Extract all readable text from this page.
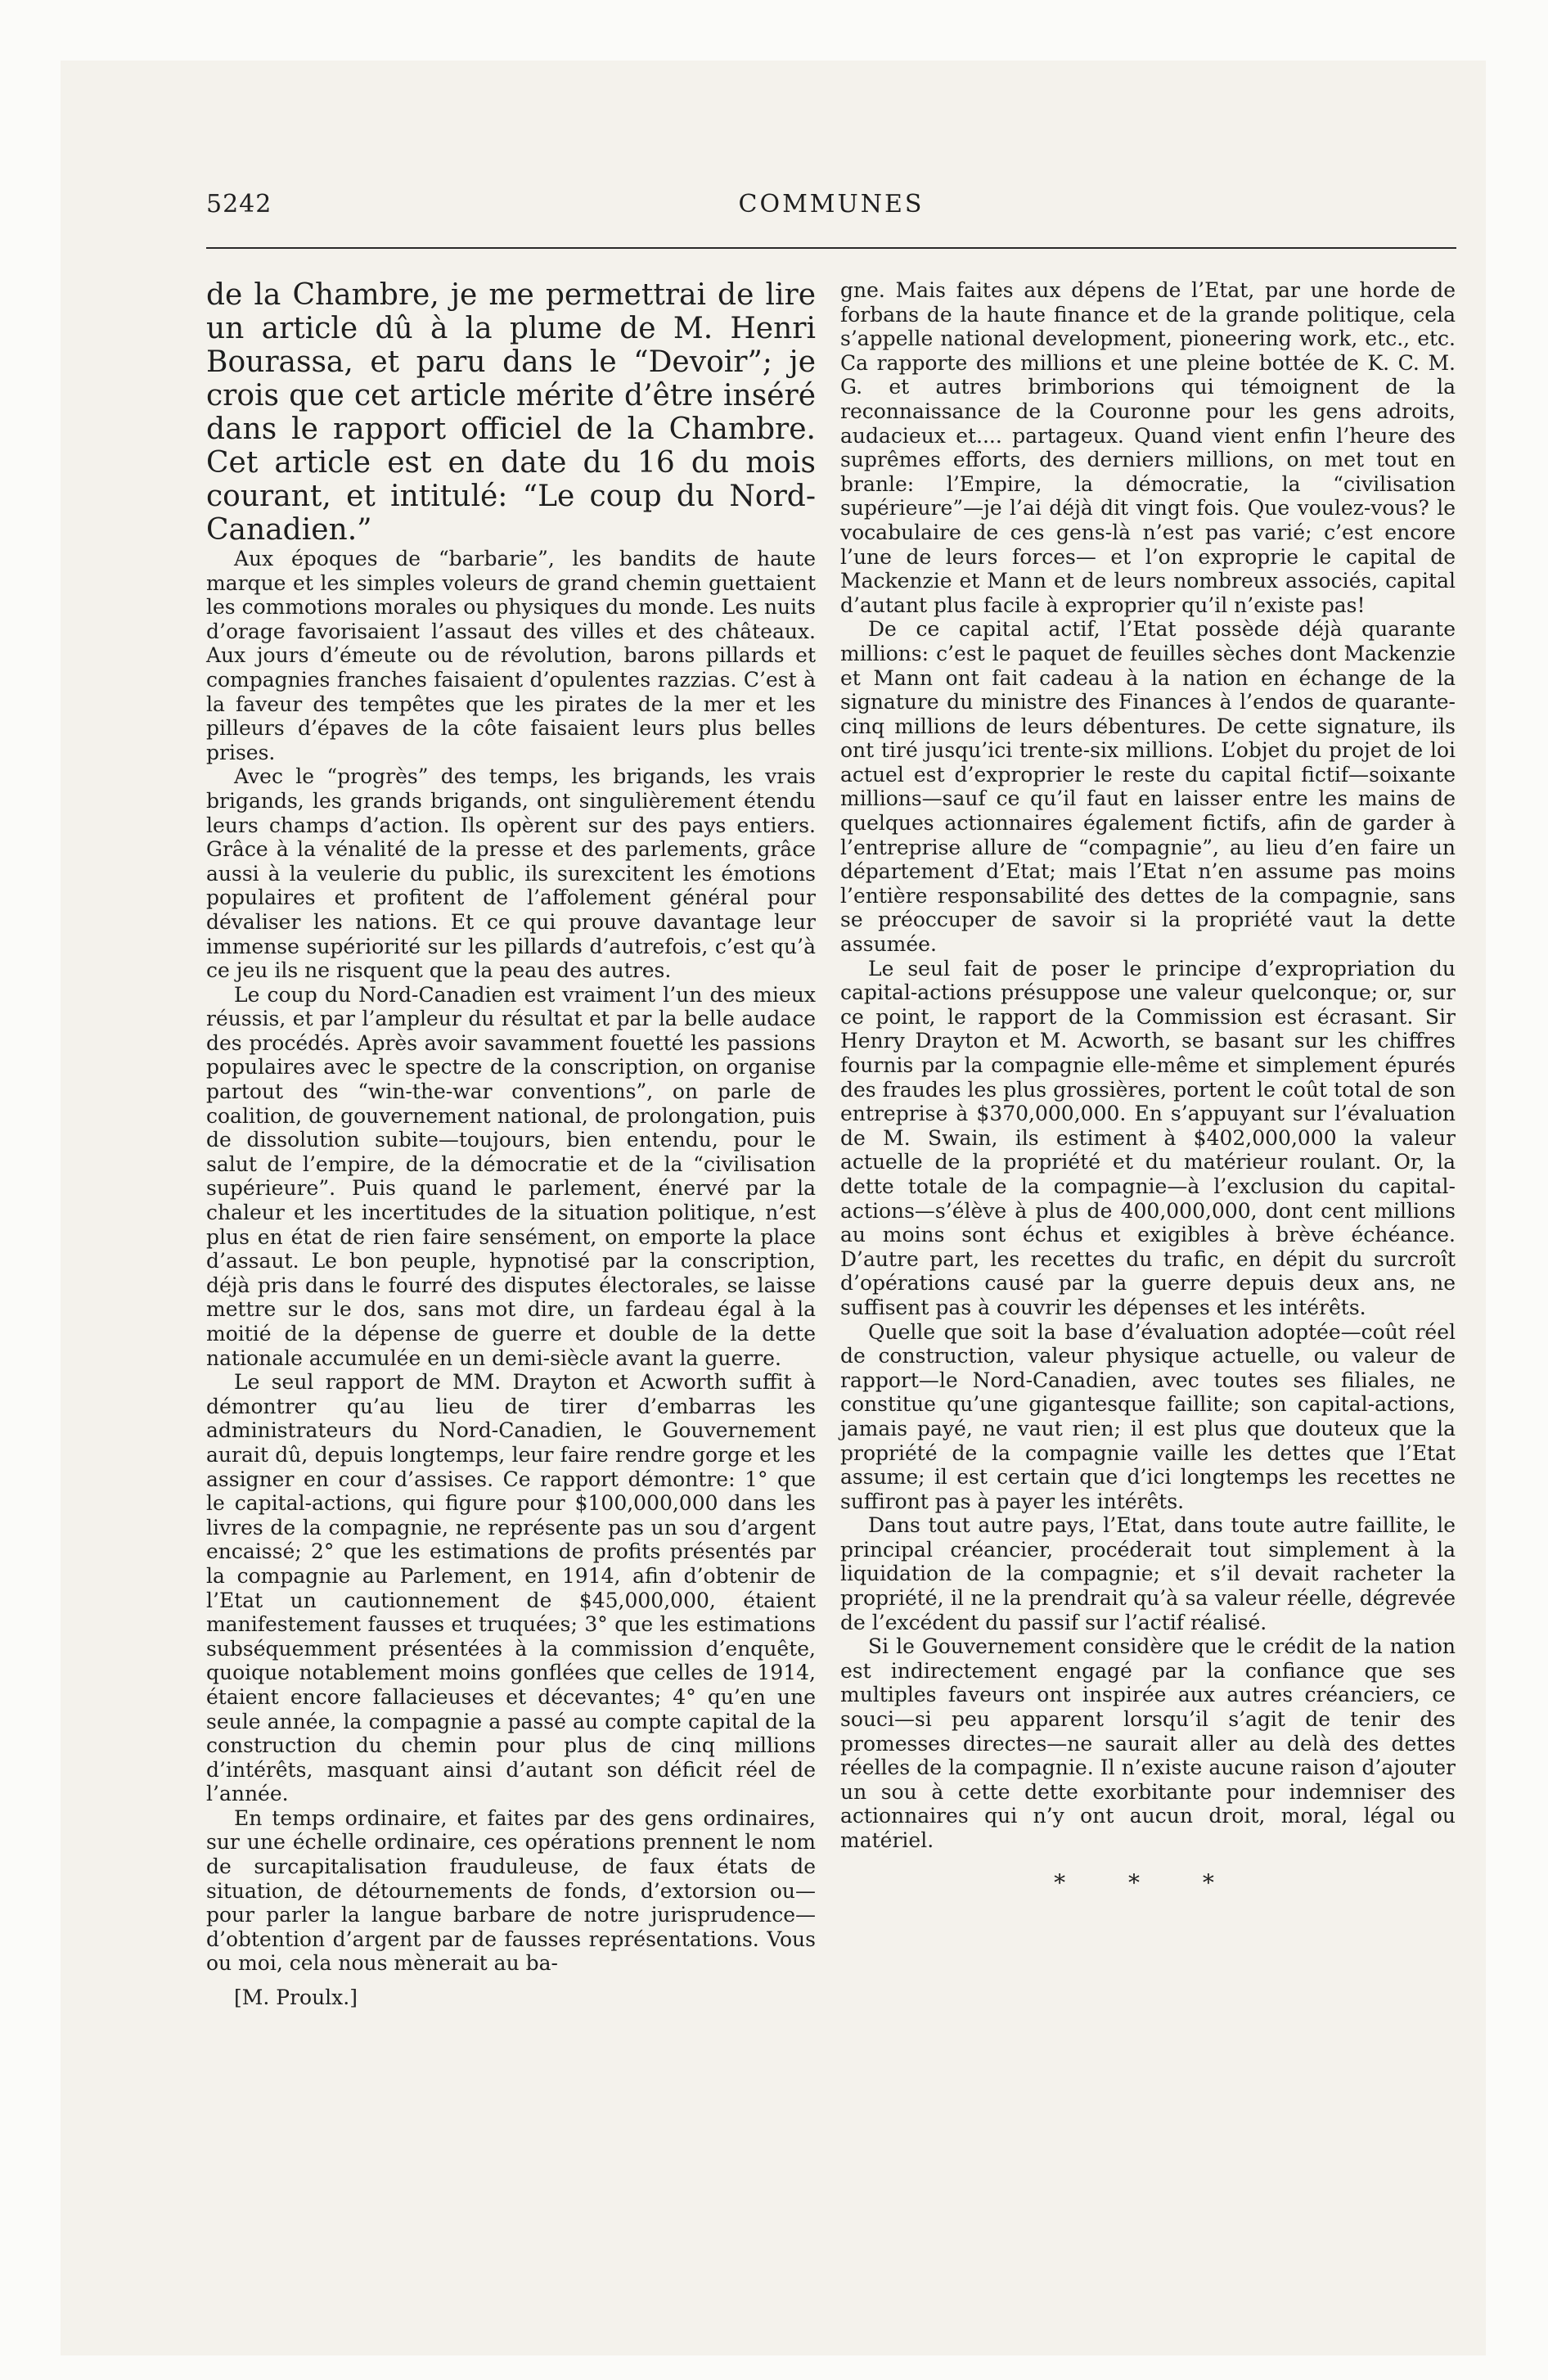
5242	COMMUNES

de la Chambre, je me permettrai de lire un article dû à la plume de M. Henri Bourassa, et paru dans le “Devoir”; je crois que cet article mérite d’être inséré dans le rapport officiel de la Chambre. Cet article est en date du 16 du mois courant, et intitulé: “Le coup du Nord-Canadien.”

Aux époques de “barbarie”, les bandits de haute marque et les simples voleurs de grand chemin guettaient les commotions morales ou physiques du monde. Les nuits d’orage favorisaient l’assaut des villes et des châteaux. Aux jours d’émeute ou de révolution, barons pillards et compagnies franches faisaient d’opulentes razzias. C’est à la faveur des tempêtes que les pirates de la mer et les pilleurs d’épaves de la côte faisaient leurs plus belles prises.

Avec le “progrès” des temps, les brigands, les vrais brigands, les grands brigands, ont singulièrement étendu leurs champs d’action. Ils opèrent sur des pays entiers. Grâce à la vénalité de la presse et des parlements, grâce aussi à la veulerie du public, ils surexcitent les émotions populaires et profitent de l’affolement général pour dévaliser les nations. Et ce qui prouve davantage leur immense supériorité sur les pillards d’autrefois, c’est qu’à ce jeu ils ne risquent que la peau des autres.

Le coup du Nord-Canadien est vraiment l’un des mieux réussis, et par l’ampleur du résultat et par la belle audace des procédés. Après avoir savamment fouetté les passions populaires avec le spectre de la conscription, on organise partout des “win-the-war conventions”, on parle de coalition, de gouvernement national, de prolongation, puis de dissolution subite—toujours, bien entendu, pour le salut de l’empire, de la démocratie et de la “civilisation supérieure”. Puis quand le parlement, énervé par la chaleur et les incertitudes de la situation politique, n’est plus en état de rien faire sensément, on emporte la place d’assaut. Le bon peuple, hypnotisé par la conscription, déjà pris dans le fourré des disputes électorales, se laisse mettre sur le dos, sans mot dire, un fardeau égal à la moitié de la dépense de guerre et double de la dette nationale accumulée en un demi-siècle avant la guerre.

Le seul rapport de MM. Drayton et Acworth suffit à démontrer qu’au lieu de tirer d’embarras les administrateurs du Nord-Canadien, le Gouvernement aurait dû, depuis longtemps, leur faire rendre gorge et les assigner en cour d’assises. Ce rapport démontre: 1° que le capital-actions, qui figure pour $100,000,000 dans les livres de la compagnie, ne représente pas un sou d’argent encaissé; 2° que les estimations de profits présentés par la compagnie au Parlement, en 1914, afin d’obtenir de l’Etat un cautionnement de $45,000,000, étaient manifestement fausses et truquées; 3° que les estimations subséquemment présentées à la commission d’enquête, quoique notablement moins gonflées que celles de 1914, étaient encore fallacieuses et décevantes; 4° qu’en une seule année, la compagnie a passé au compte capital de la construction du chemin pour plus de cinq millions d’intérêts, masquant ainsi d’autant son déficit réel de l’année.

En temps ordinaire, et faites par des gens ordinaires, sur une échelle ordinaire, ces opérations prennent le nom de surcapitalisation frauduleuse, de faux états de situation, de détournements de fonds, d’extorsion ou—pour parler la langue barbare de notre jurisprudence—d’obtention d’argent par de fausses représentations. Vous ou moi, cela nous mènerait au ba-

[M. Proulx.]

gne. Mais faites aux dépens de l’Etat, par une horde de forbans de la haute finance et de la grande politique, cela s’appelle national development, pioneering work, etc., etc. Ca rapporte des millions et une pleine bottée de K. C. M. G. et autres brimborions qui témoignent de la reconnaissance de la Couronne pour les gens adroits, audacieux et.... partageux. Quand vient enfin l’heure des suprêmes efforts, des derniers millions, on met tout en branle: l’Empire, la démocratie, la “civilisation supérieure”—je l’ai déjà dit vingt fois. Que voulez-vous? le vocabulaire de ces gens-là n’est pas varié; c’est encore l’une de leurs forces— et l’on exproprie le capital de Mackenzie et Mann et de leurs nombreux associés, capital d’autant plus facile à exproprier qu’il n’existe pas!

De ce capital actif, l’Etat possède déjà quarante millions: c’est le paquet de feuilles sèches dont Mackenzie et Mann ont fait cadeau à la nation en échange de la signature du ministre des Finances à l’endos de quarante-cinq millions de leurs débentures. De cette signature, ils ont tiré jusqu’ici trente-six millions. L’objet du projet de loi actuel est d’exproprier le reste du capital fictif—soixante millions—sauf ce qu’il faut en laisser entre les mains de quelques actionnaires également fictifs, afin de garder à l’entreprise allure de “compagnie”, au lieu d’en faire un département d’Etat; mais l’Etat n’en assume pas moins l’entière responsabilité des dettes de la compagnie, sans se préoccuper de savoir si la propriété vaut la dette assumée.

Le seul fait de poser le principe d’expropriation du capital-actions présuppose une valeur quelconque; or, sur ce point, le rapport de la Commission est écrasant. Sir Henry Drayton et M. Acworth, se basant sur les chiffres fournis par la compagnie elle-même et simplement épurés des fraudes les plus grossières, portent le coût total de son entreprise à $370,000,000. En s’appuyant sur l’évaluation de M. Swain, ils estiment à $402,000,000 la valeur actuelle de la propriété et du matérieur roulant. Or, la dette totale de la compagnie—à l’exclusion du capital-actions—s’élève à plus de 400,000,000, dont cent millions au moins sont échus et exigibles à brève échéance. D’autre part, les recettes du trafic, en dépit du surcroît d’opérations causé par la guerre depuis deux ans, ne suffisent pas à couvrir les dépenses et les intérêts.

Quelle que soit la base d’évaluation adoptée—coût réel de construction, valeur physique actuelle, ou valeur de rapport—le Nord-Canadien, avec toutes ses filiales, ne constitue qu’une gigantesque faillite; son capital-actions, jamais payé, ne vaut rien; il est plus que douteux que la propriété de la compagnie vaille les dettes que l’Etat assume; il est certain que d’ici longtemps les recettes ne suffiront pas à payer les intérêts.

Dans tout autre pays, l’Etat, dans toute autre faillite, le principal créancier, procéderait tout simplement à la liquidation de la compagnie; et s’il devait racheter la propriété, il ne la prendrait qu’à sa valeur réelle, dégrevée de l’excédent du passif sur l’actif réalisé.

Si le Gouvernement considère que le crédit de la nation est indirectement engagé par la confiance que ses multiples faveurs ont inspirée aux autres créanciers, ce souci—si peu apparent lorsqu’il s’agit de tenir des promesses directes—ne saurait aller au delà des dettes réelles de la compagnie. Il n’existe aucune raison d’ajouter un sou à cette dette exorbitante pour indemniser des actionnaires qui n’y ont aucun droit, moral, légal ou matériel.

* * *
